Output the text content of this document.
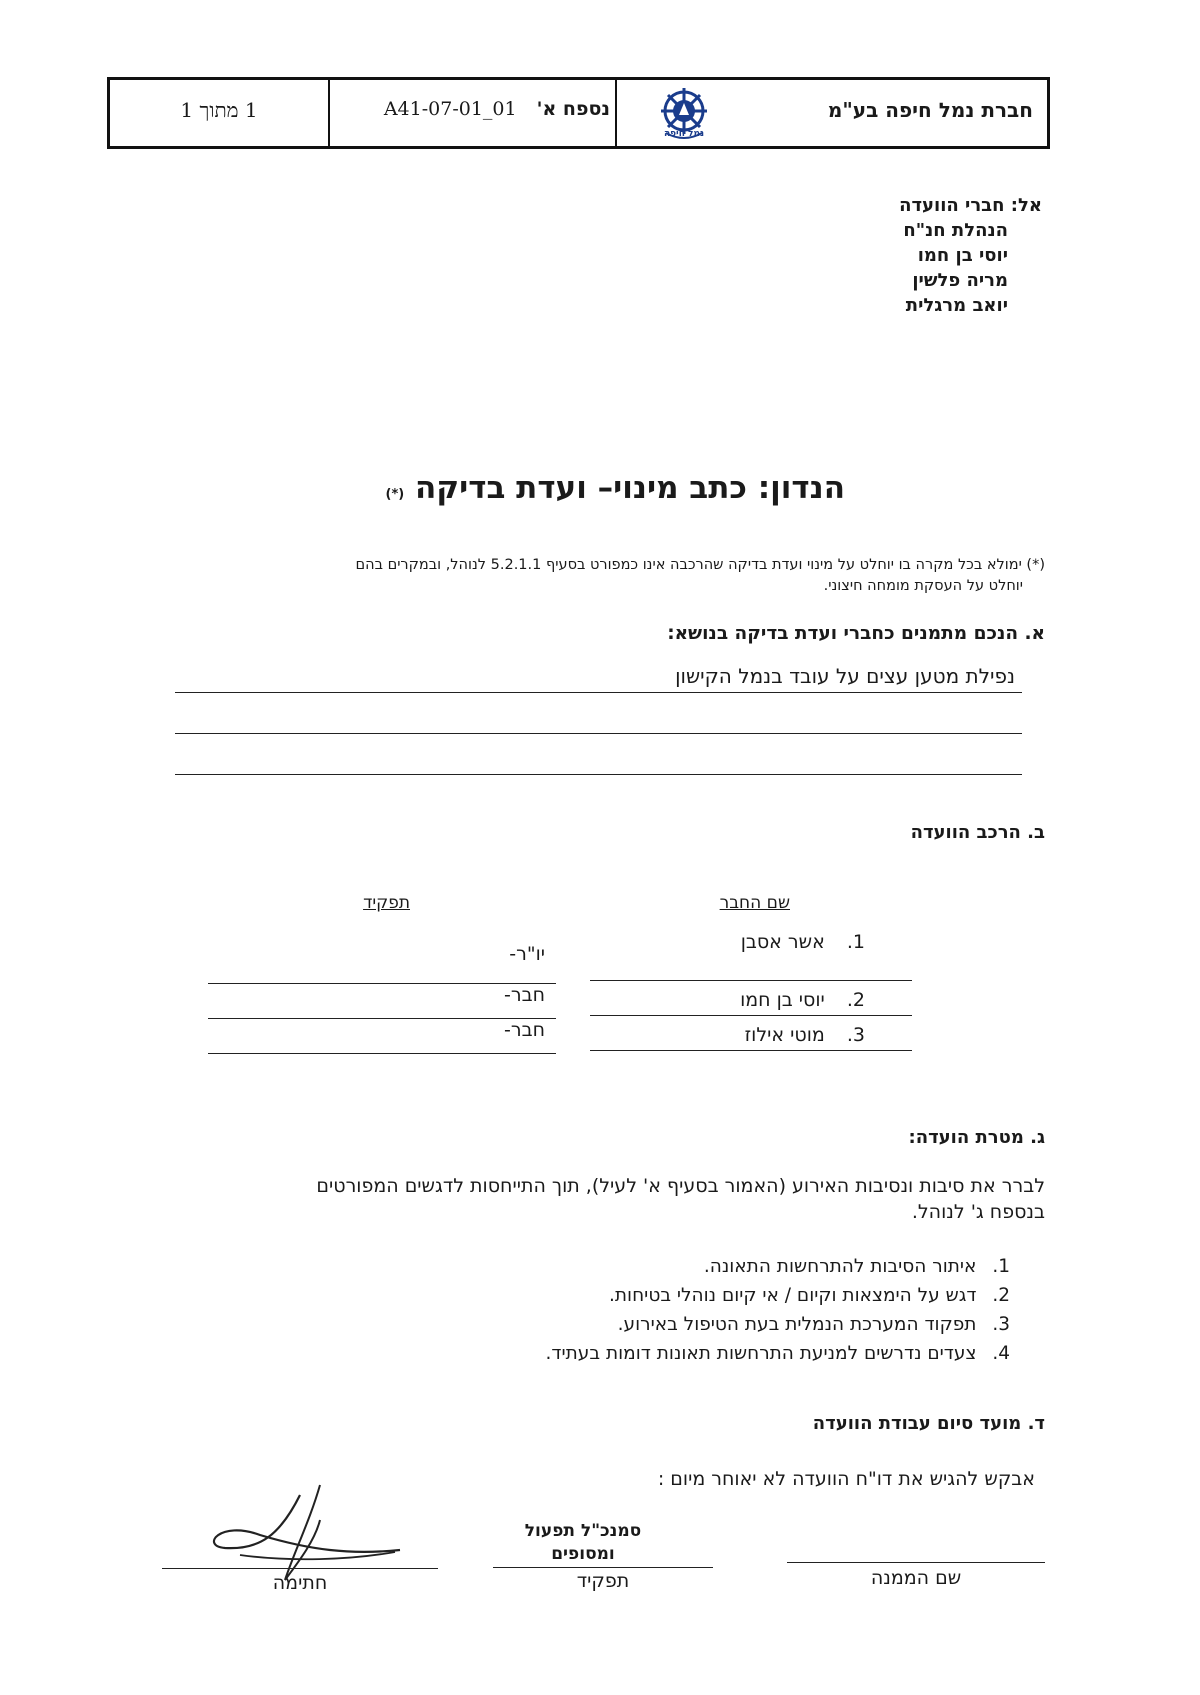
1 מתוך 1	נספח א' A41-07-01_01
נמל חיפה
חברת נמל חיפה בע"מ
אל: חברי הוועדה
הנהלת חנ"ח
יוסי בן חמו
מריה פלשין
יואב מרגלית
הנדון: כתב מינוי– ועדת בדיקה (*)
(*) ימולא בכל מקרה בו יוחלט על מינוי ועדת בדיקה שהרכבה אינו כמפורט בסעיף 5.2.1.1 לנוהל, ובמקרים בהם
יוחלט על העסקת מומחה חיצוני.
א. הנכם מתמנים כחברי ועדת בדיקה בנושא:
נפילת מטען עצים על עובד בנמל הקישון
ב. הרכב הוועדה
שם החבר
תפקיד
1. אשר אסבן
יו"ר-
2. יוסי בן חמו
חבר-
3. מוטי אילוז
חבר-
ג. מטרת הועדה:
לברר את סיבות ונסיבות האירוע (האמור בסעיף א' לעיל), תוך התייחסות לדגשים המפורטים
בנספח ג' לנוהל.
1. איתור הסיבות להתרחשות התאונה.
2. דגש על הימצאות וקיום / אי קיום נוהלי בטיחות.
3. תפקוד המערכת הנמלית בעת הטיפול באירוע.
4. צעדים נדרשים למניעת התרחשות תאונות דומות בעתיד.
ד. מועד סיום עבודת הוועדה
אבקש להגיש את דו"ח הוועדה לא יאוחר מיום :
סמנכ"ל תפעול
ומסופים
שם הממנה
תפקיד
חתימה
